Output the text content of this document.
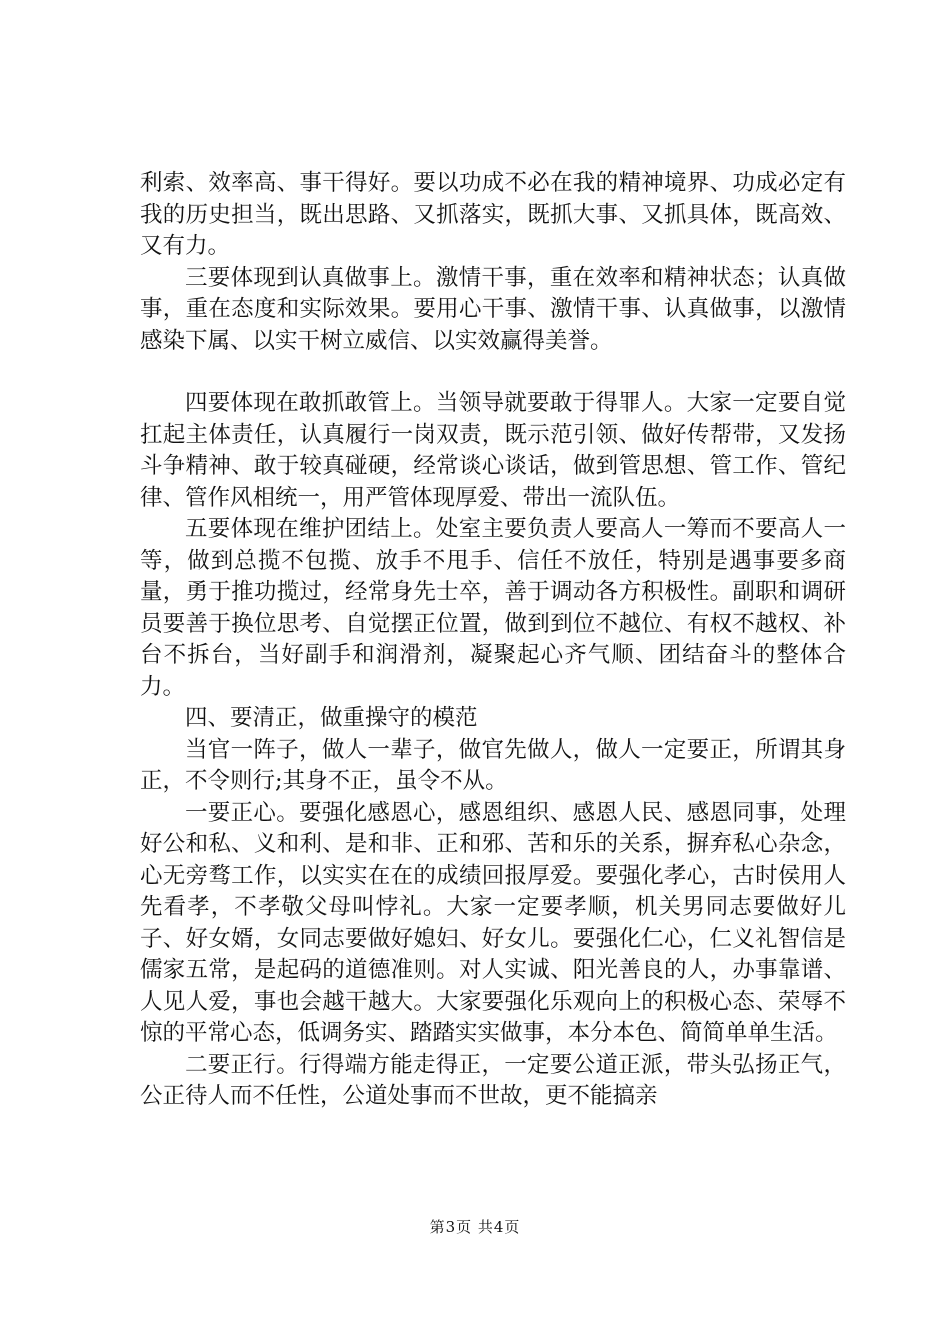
利索、效率高、事干得好。要以功成不必在我的精神境界、功成必定有我的历史担当，既出思路、又抓落实，既抓大事、又抓具体，既高效、又有力。

三要体现到认真做事上。激情干事，重在效率和精神状态；认真做事，重在态度和实际效果。要用心干事、激情干事、认真做事，以激情感染下属、以实干树立威信、以实效赢得美誉。

四要体现在敢抓敢管上。当领导就要敢于得罪人。大家一定要自觉扛起主体责任，认真履行一岗双责，既示范引领、做好传帮带，又发扬斗争精神、敢于较真碰硬，经常谈心谈话，做到管思想、管工作、管纪律、管作风相统一，用严管体现厚爱、带出一流队伍。

五要体现在维护团结上。处室主要负责人要高人一筹而不要高人一等，做到总揽不包揽、放手不甩手、信任不放任，特别是遇事要多商量，勇于推功揽过，经常身先士卒，善于调动各方积极性。副职和调研员要善于换位思考、自觉摆正位置，做到到位不越位、有权不越权、补台不拆台，当好副手和润滑剂，凝聚起心齐气顺、团结奋斗的整体合力。

四、要清正，做重操守的模范

当官一阵子，做人一辈子，做官先做人，做人一定要正，所谓其身正，不令则行;其身不正，虽令不从。

一要正心。要强化感恩心，感恩组织、感恩人民、感恩同事，处理好公和私、义和利、是和非、正和邪、苦和乐的关系，摒弃私心杂念，心无旁骛工作，以实实在在的成绩回报厚爱。要强化孝心，古时侯用人先看孝，不孝敬父母叫悖礼。大家一定要孝顺，机关男同志要做好儿子、好女婿，女同志要做好媳妇、好女儿。要强化仁心，仁义礼智信是儒家五常，是起码的道德准则。对人实诚、阳光善良的人，办事靠谱、人见人爱，事也会越干越大。大家要强化乐观向上的积极心态、荣辱不惊的平常心态，低调务实、踏踏实实做事，本分本色、简简单单生活。

二要正行。行得端方能走得正，一定要公道正派，带头弘扬正气，公正待人而不任性，公道处事而不世故，更不能搞亲

第3页 共4页
